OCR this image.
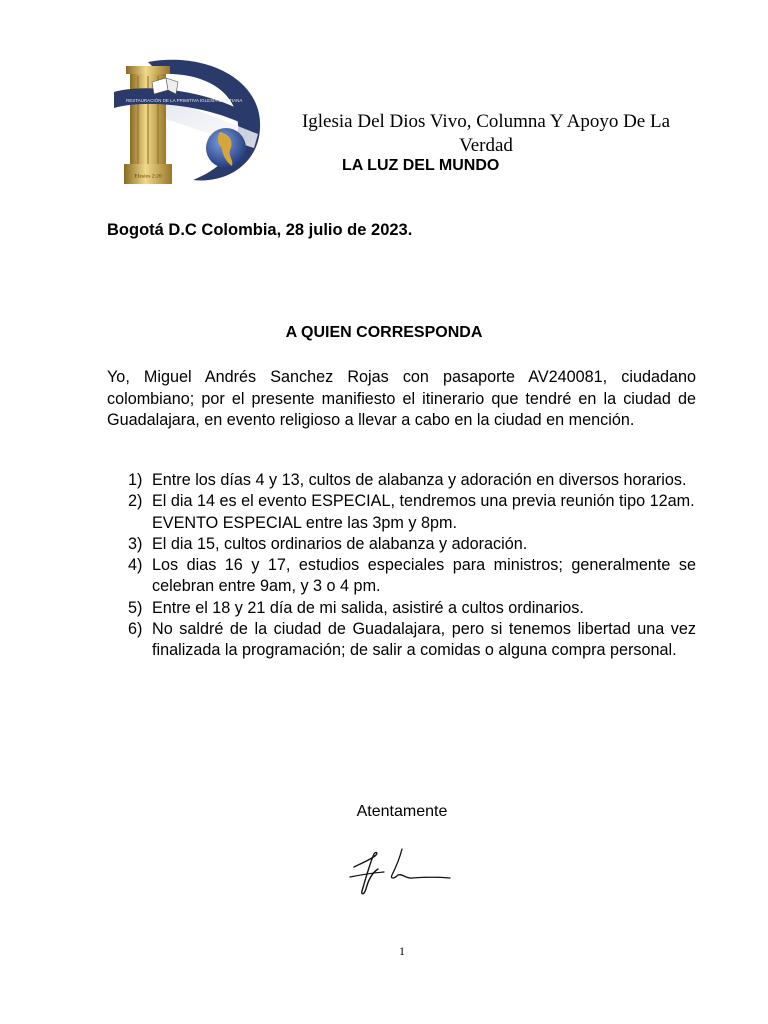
Efesios 2:20
RESTAURACIÓN DE LA PRIMITIVA IGLESIA CRISTIANA
Iglesia Del Dios Vivo, Columna Y Apoyo De La Verdad
LA LUZ DEL MUNDO
Bogotá D.C Colombia, 28 julio de 2023.
A QUIEN CORRESPONDA
Yo, Miguel Andrés Sanchez Rojas con pasaporte AV240081, ciudadano colombiano; por el presente manifiesto el itinerario que tendré en la ciudad de Guadalajara, en evento religioso a llevar a cabo en la ciudad en mención.
1) Entre los días 4 y 13, cultos de alabanza y adoración en diversos horarios.
2) El dia 14 es el evento ESPECIAL, tendremos una previa reunión tipo 12am.
EVENTO ESPECIAL entre las 3pm y 8pm.
3) El dia 15, cultos ordinarios de alabanza y adoración.
4) Los dias 16 y 17, estudios especiales para ministros; generalmente se celebran entre 9am, y 3 o 4 pm.
5) Entre el 18 y 21 día de mi salida, asistiré a cultos ordinarios.
6) No saldré de la ciudad de Guadalajara, pero si tenemos libertad una vez finalizada la programación; de salir a comidas o alguna compra personal.
Atentamente
1
